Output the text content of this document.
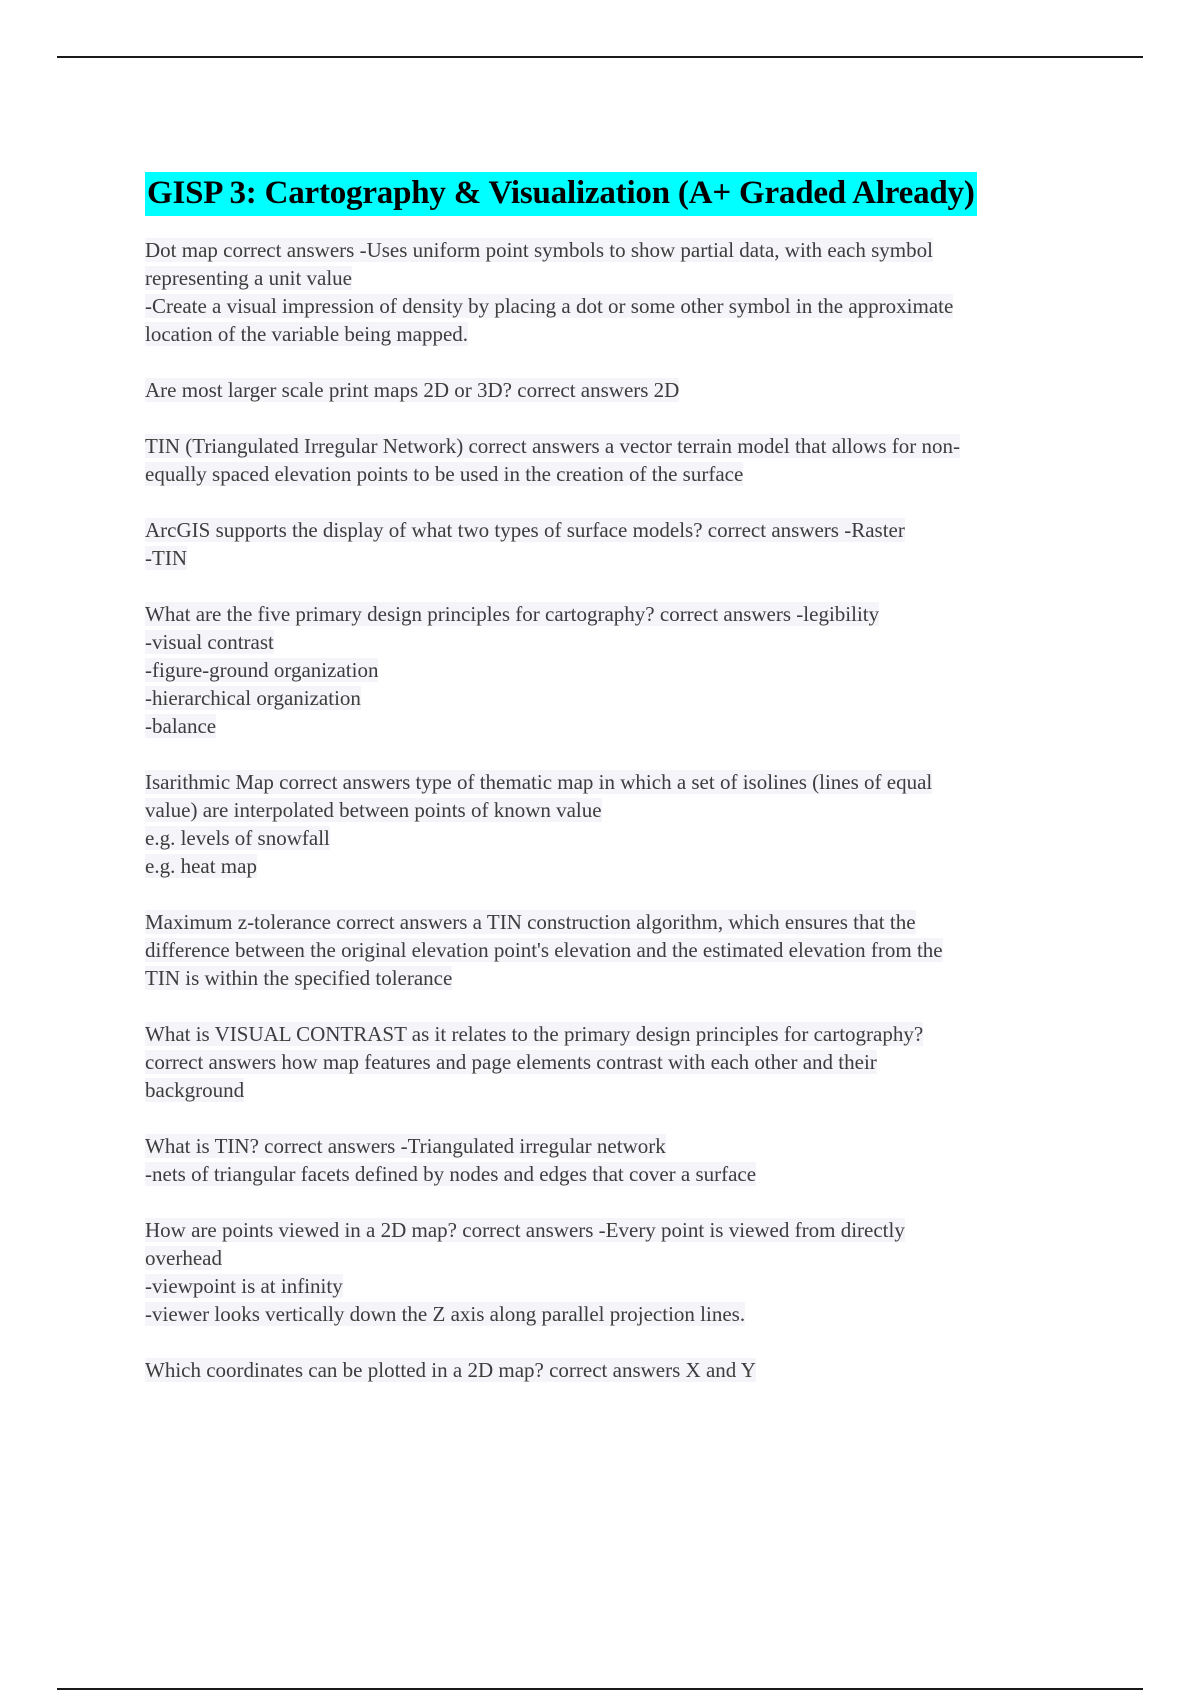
GISP 3: Cartography & Visualization (A+ Graded Already)
Dot map correct answers -Uses uniform point symbols to show partial data, with each symbol
representing a unit value
-Create a visual impression of density by placing a dot or some other symbol in the approximate
location of the variable being mapped.
Are most larger scale print maps 2D or 3D? correct answers 2D
TIN (Triangulated Irregular Network) correct answers a vector terrain model that allows for non-
equally spaced elevation points to be used in the creation of the surface
ArcGIS supports the display of what two types of surface models? correct answers -Raster
-TIN
What are the five primary design principles for cartography? correct answers -legibility
-visual contrast
-figure-ground organization
-hierarchical organization
-balance
Isarithmic Map correct answers type of thematic map in which a set of isolines (lines of equal
value) are interpolated between points of known value
e.g. levels of snowfall
e.g. heat map
Maximum z-tolerance correct answers a TIN construction algorithm, which ensures that the
difference between the original elevation point's elevation and the estimated elevation from the
TIN is within the specified tolerance
What is VISUAL CONTRAST as it relates to the primary design principles for cartography?
correct answers how map features and page elements contrast with each other and their
background
What is TIN? correct answers -Triangulated irregular network
-nets of triangular facets defined by nodes and edges that cover a surface
How are points viewed in a 2D map? correct answers -Every point is viewed from directly
overhead
-viewpoint is at infinity
-viewer looks vertically down the Z axis along parallel projection lines.
Which coordinates can be plotted in a 2D map? correct answers X and Y
